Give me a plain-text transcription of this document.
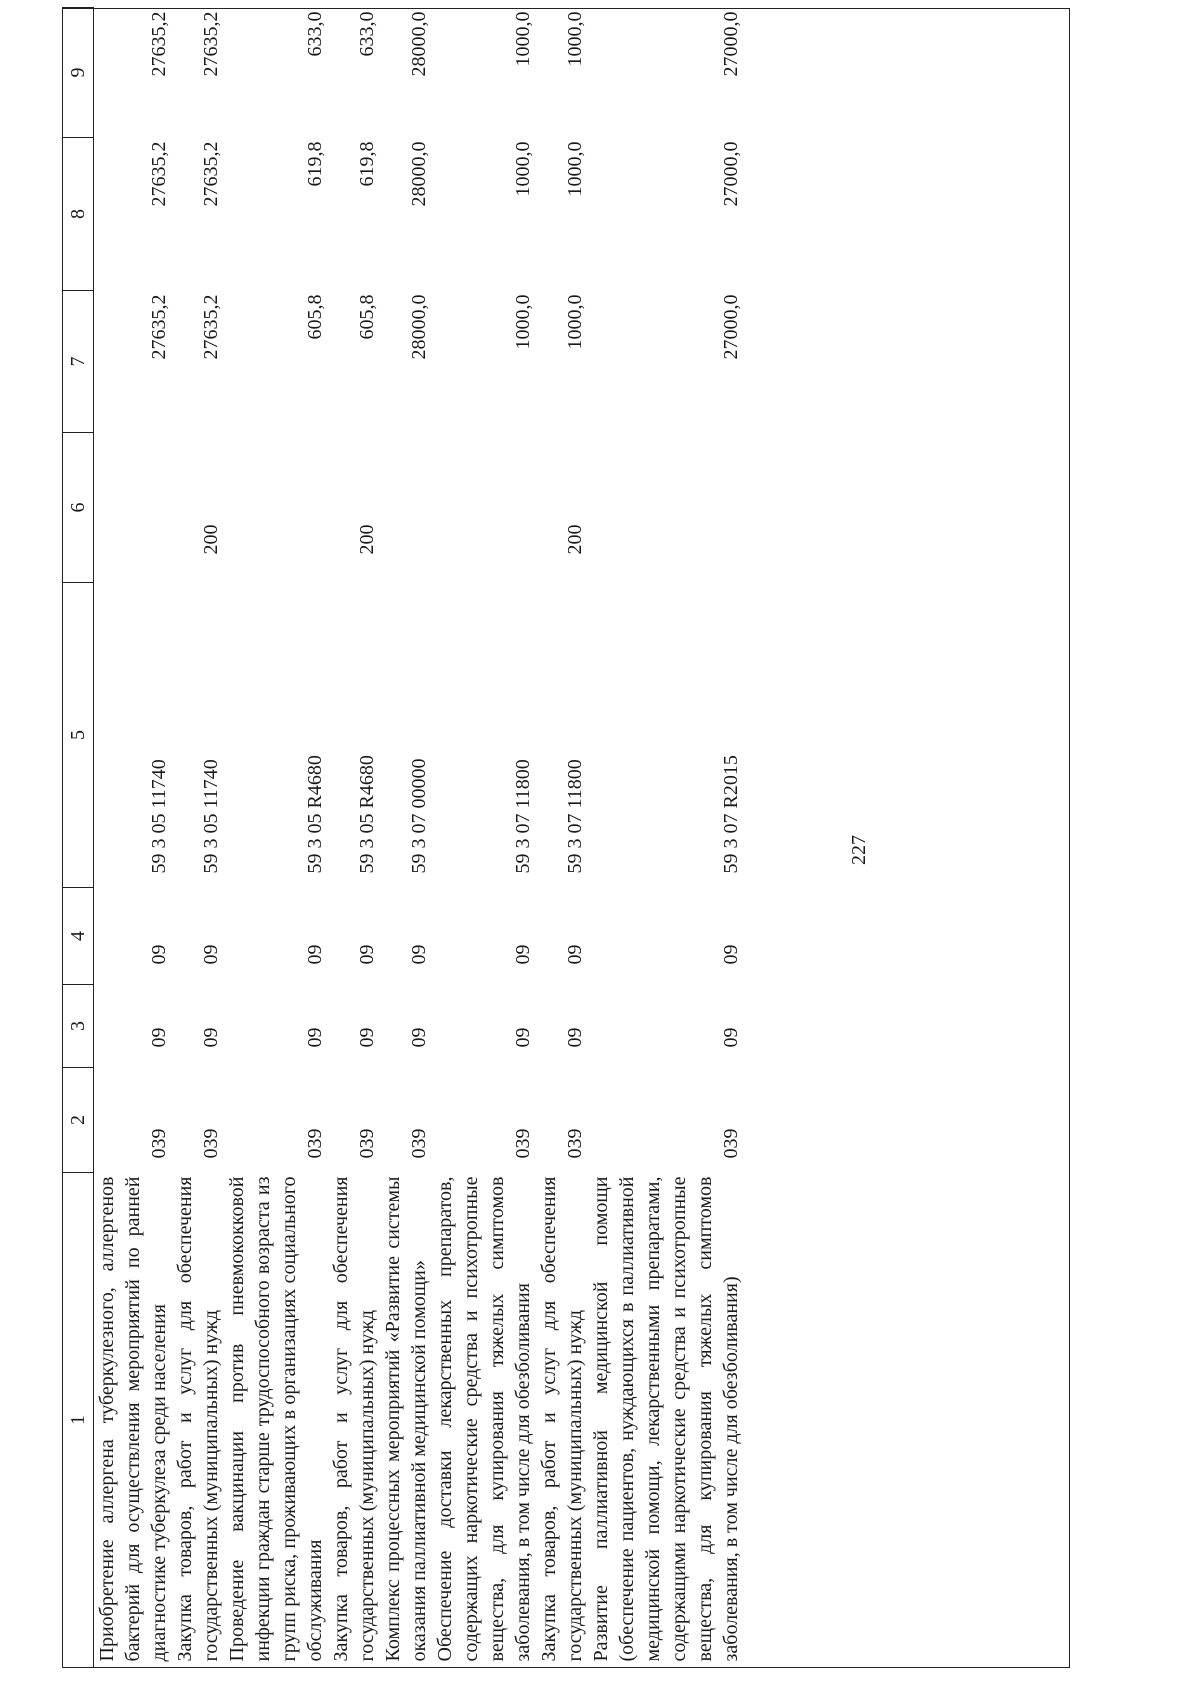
227
1	2	3	4	5	6	7	8	9
Приобретение аллергена туберкулезного, аллергенов бактерий для осуществления мероприятий по ранней диагностике туберкулеза среди населения	039	09	09	59 3 05 11740		27635,2	27635,2	27635,2
Закупка товаров, работ и услуг для обеспечения государственных (муниципальных) нужд	039	09	09	59 3 05 11740	200	27635,2	27635,2	27635,2
Проведение вакцинации против пневмококковой инфекции граждан старше трудоспособного возраста из групп риска, проживающих в организациях социального обслуживания	039	09	09	59 3 05 R4680		605,8	619,8	633,0
Закупка товаров, работ и услуг для обеспечения государственных (муниципальных) нужд	039	09	09	59 3 05 R4680	200	605,8	619,8	633,0
Комплекс процессных мероприятий «Развитие системы оказания паллиативной медицинской помощи»	039	09	09	59 3 07 00000		28000,0	28000,0	28000,0
Обеспечение доставки лекарственных препаратов, содержащих наркотические средства и психотропные вещества, для купирования тяжелых симптомов заболевания, в том числе для обезболивания	039	09	09	59 3 07 11800		1000,0	1000,0	1000,0
Закупка товаров, работ и услуг для обеспечения государственных (муниципальных) нужд	039	09	09	59 3 07 11800	200	1000,0	1000,0	1000,0
Развитие паллиативной медицинской помощи (обеспечение пациентов, нуждающихся в паллиативной медицинской помощи, лекарственными препаратами, содержащими наркотические средства и психотропные вещества, для купирования тяжелых симптомов заболевания, в том числе для обезболивания)	039	09	09	59 3 07 R2015		27000,0	27000,0	27000,0
